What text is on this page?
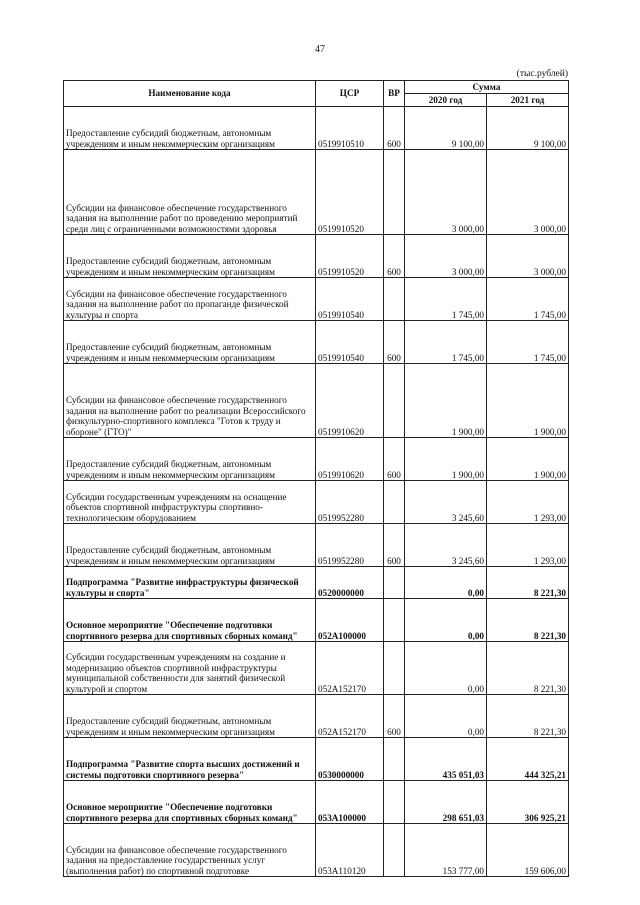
47
(тыс.рублей)
Наименование кода	ЦСР	ВР	Сумма	
			2020 год	2021 год
Предоставление субсидий бюджетным, автономным учреждениям и иным некоммерческим организациям	0519910510	600	9 100,00	9 100,00
Субсидии на финансовое обеспечение государственного задания на выполнение работ по проведению мероприятий среди лиц с ограниченными возможностями здоровья	0519910520		3 000,00	3 000,00
Предоставление субсидий бюджетным, автономным учреждениям и иным некоммерческим организациям	0519910520	600	3 000,00	3 000,00
Субсидии на финансовое обеспечение государственного задания на выполнение работ по пропаганде физической культуры и спорта	0519910540		1 745,00	1 745,00
Предоставление субсидий бюджетным, автономным учреждениям и иным некоммерческим организациям	0519910540	600	1 745,00	1 745,00
Субсидии на финансовое обеспечение государственного задания на выполнение работ по реализации Всероссийского физкультурно-спортивного комплекса "Готов к труду и обороне" (ГТО)"	0519910620		1 900,00	1 900,00
Предоставление субсидий бюджетным, автономным учреждениям и иным некоммерческим организациям	0519910620	600	1 900,00	1 900,00
Субсидии государственным учреждениям на оснащение объектов спортивной инфраструктуры спортивно-технологическим оборудованием	0519952280		3 245,60	1 293,00
Предоставление субсидий бюджетным, автономным учреждениям и иным некоммерческим организациям	0519952280	600	3 245,60	1 293,00
Подпрограмма "Развитие инфраструктуры физической культуры и спорта"	0520000000		0,00	8 221,30
Основное мероприятие "Обеспечение подготовки спортивного резерва для спортивных сборных команд"	052А100000		0,00	8 221,30
Субсидии государственным учреждениям на создание и модернизацию объектов спортивной инфраструктуры муниципальной собственности для занятий физической культурой и спортом	052А152170		0,00	8 221,30
Предоставление субсидий бюджетным, автономным учреждениям и иным некоммерческим организациям	052А152170	600	0,00	8 221,30
Подпрограмма "Развитие спорта высших достижений и системы подготовки спортивного резерва"	0530000000		435 051,03	444 325,21
Основное мероприятие "Обеспечение подготовки спортивного резерва для спортивных сборных команд"	053А100000		298 651,03	306 925,21
Субсидии на финансовое обеспечение государственного задания на предоставление государственных услуг (выполнения работ) по спортивной подготовке	053А110120		153 777,00	159 606,00
